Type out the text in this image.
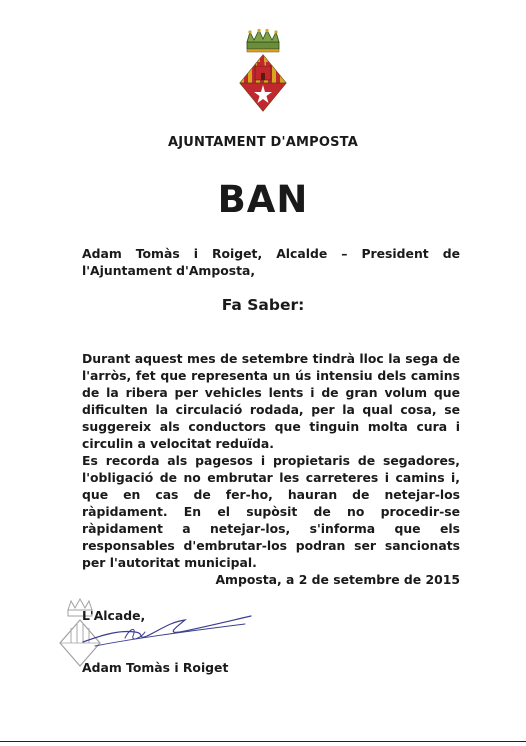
AJUNTAMENT D'AMPOSTA
BAN

Adam Tomàs i Roiget, Alcalde – President de l'Ajuntament d'Amposta,

Fa Saber:

Durant aquest mes de setembre tindrà lloc la sega de l'arròs, fet que representa un ús intensiu dels camins de la ribera per vehicles lents i de gran volum que dificulten la circulació rodada, per la qual cosa, se suggereix als conductors que tinguin molta cura i circulin a velocitat reduïda.

Es recorda als pagesos i propietaris de segadores, l'obligació de no embrutar les carreteres i camins i, que en cas de fer-ho, hauran de netejar-los ràpidament. En el supòsit de no procedir-se ràpidament a netejar-los, s'informa que els responsables d'embrutar-los podran ser sancionats per l'autoritat municipal.

Amposta, a 2 de setembre de 2015
L'Alcade,
Adam Tomàs i Roiget
